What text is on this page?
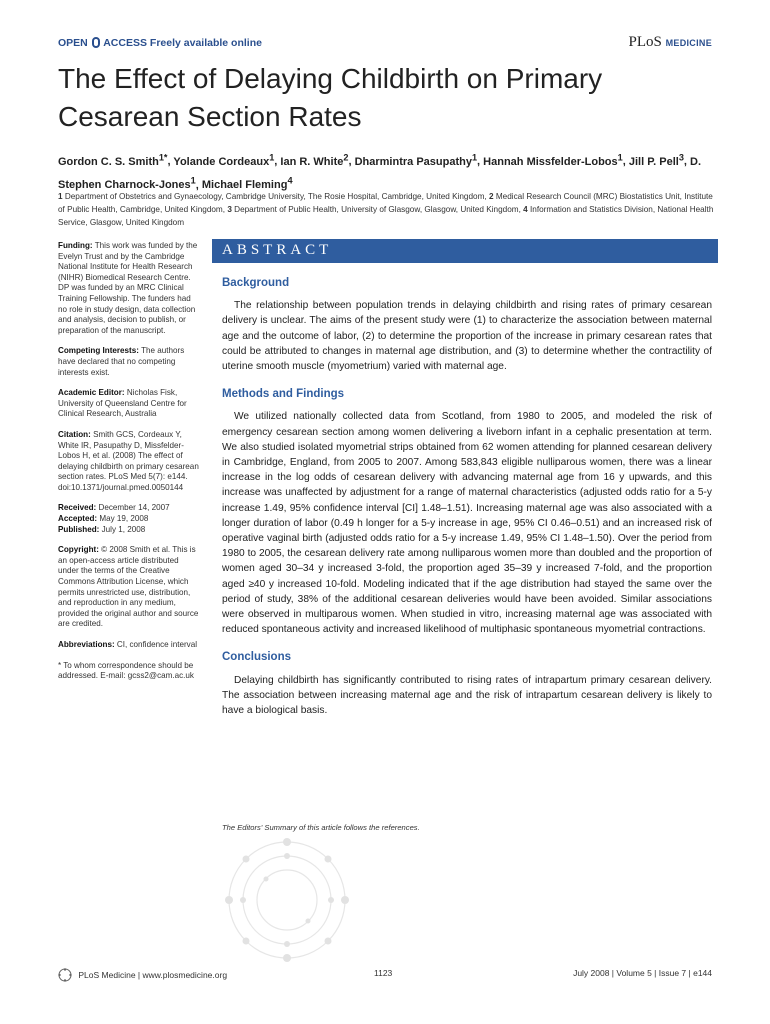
OPEN ACCESS Freely available online	PLoS MEDICINE
The Effect of Delaying Childbirth on Primary Cesarean Section Rates
Gordon C. S. Smith$^{1*}$, Yolande Cordeaux$^1$, Ian R. White$^2$, Dharmintra Pasupathy$^1$, Hannah Missfelder-Lobos$^1$, Jill P. Pell$^3$, D. Stephen Charnock-Jones$^1$, Michael Fleming$^4$
1 Department of Obstetrics and Gynaecology, Cambridge University, The Rosie Hospital, Cambridge, United Kingdom, 2 Medical Research Council (MRC) Biostatistics Unit, Institute of Public Health, Cambridge, United Kingdom, 3 Department of Public Health, University of Glasgow, Glasgow, United Kingdom, 4 Information and Statistics Division, National Health Service, Glasgow, United Kingdom

Funding: This work was funded by the Evelyn Trust and by the Cambridge National Institute for Health Research (NIHR) Biomedical Research Centre. DP was funded by an MRC Clinical Training Fellowship. The funders had no role in study design, data collection and analysis, decision to publish, or preparation of the manuscript.

Competing Interests: The authors have declared that no competing interests exist.

Academic Editor: Nicholas Fisk, University of Queensland Centre for Clinical Research, Australia

Citation: Smith GCS, Cordeaux Y, White IR, Pasupathy D, Missfelder-Lobos H, et al. (2008) The effect of delaying childbirth on primary cesarean section rates. PLoS Med 5(7): e144. doi:10.1371/journal.pmed.0050144

Received: December 14, 2007
Accepted: May 19, 2008
Published: July 1, 2008

Copyright: © 2008 Smith et al. This is an open-access article distributed under the terms of the Creative Commons Attribution License, which permits unrestricted use, distribution, and reproduction in any medium, provided the original author and source are credited.

Abbreviations: CI, confidence interval

* To whom correspondence should be addressed. E-mail: gcss2@cam.ac.uk

ABSTRACT
Background

The relationship between population trends in delaying childbirth and rising rates of primary cesarean delivery is unclear. The aims of the present study were (1) to characterize the association between maternal age and the outcome of labor, (2) to determine the proportion of the increase in primary cesarean rates that could be attributed to changes in maternal age distribution, and (3) to determine whether the contractility of uterine smooth muscle (myometrium) varied with maternal age.

Methods and Findings

We utilized nationally collected data from Scotland, from 1980 to 2005, and modeled the risk of emergency cesarean section among women delivering a liveborn infant in a cephalic presentation at term. We also studied isolated myometrial strips obtained from 62 women attending for planned cesarean delivery in Cambridge, England, from 2005 to 2007. Among 583,843 eligible nulliparous women, there was a linear increase in the log odds of cesarean delivery with advancing maternal age from 16 y upwards, and this increase was unaffected by adjustment for a range of maternal characteristics (adjusted odds ratio for a 5-y increase 1.49, 95% confidence interval [CI] 1.48–1.51). Increasing maternal age was also associated with a longer duration of labor (0.49 h longer for a 5-y increase in age, 95% CI 0.46–0.51) and an increased risk of operative vaginal birth (adjusted odds ratio for a 5-y increase 1.49, 95% CI 1.48–1.50). Over the period from 1980 to 2005, the cesarean delivery rate among nulliparous women more than doubled and the proportion of women aged 30–34 y increased 3-fold, the proportion aged 35–39 y increased 7-fold, and the proportion aged ≥40 y increased 10-fold. Modeling indicated that if the age distribution had stayed the same over the period of study, 38% of the additional cesarean deliveries would have been avoided. Similar associations were observed in multiparous women. When studied in vitro, increasing maternal age was associated with reduced spontaneous activity and increased likelihood of multiphasic spontaneous myometrial contractions.

Conclusions

Delaying childbirth has significantly contributed to rising rates of intrapartum primary cesarean delivery. The association between increasing maternal age and the risk of intrapartum cesarean delivery is likely to have a biological basis.

The Editors' Summary of this article follows the references.
PLoS Medicine | www.plosmedicine.org	1123	July 2008 | Volume 5 | Issue 7 | e144
